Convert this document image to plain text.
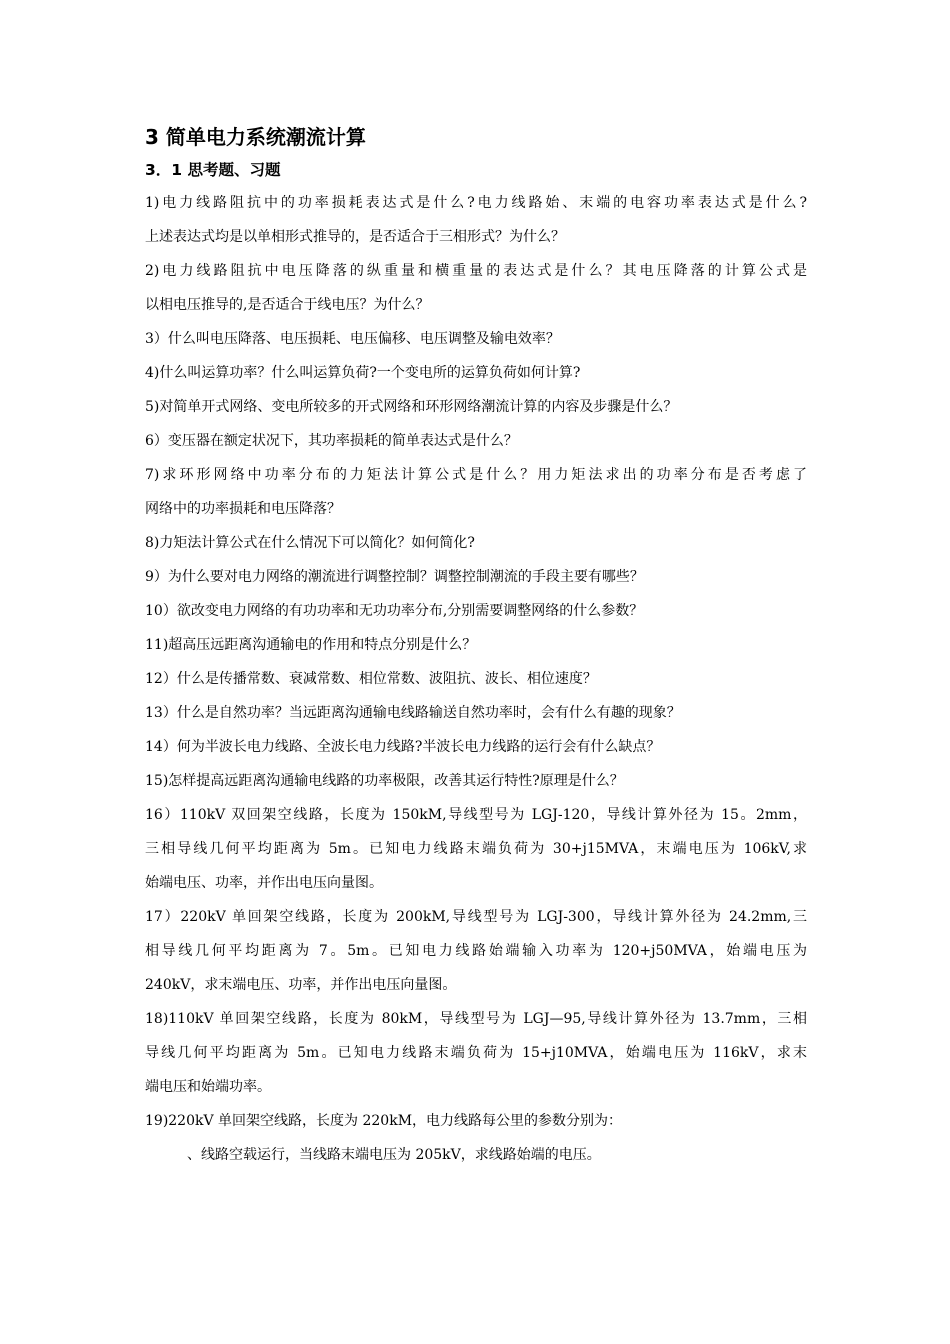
3 简单电力系统潮流计算
3．1 思考题、习题
1)电力线路阻抗中的功率损耗表达式是什么?电力线路始、末端的电容功率表达式是什么?
上述表达式均是以单相形式推导的，是否适合于三相形式？为什么？
2)电力线路阻抗中电压降落的纵重量和横重量的表达式是什么？其电压降落的计算公式是
以相电压推导的,是否适合于线电压？为什么？
3）什么叫电压降落、电压损耗、电压偏移、电压调整及输电效率？
4)什么叫运算功率？什么叫运算负荷?一个变电所的运算负荷如何计算?
5)对简单开式网络、变电所较多的开式网络和环形网络潮流计算的内容及步骤是什么？
6）变压器在额定状况下，其功率损耗的简单表达式是什么？
7)求环形网络中功率分布的力矩法计算公式是什么？用力矩法求出的功率分布是否考虑了
网络中的功率损耗和电压降落？
8)力矩法计算公式在什么情况下可以简化？如何简化?
9）为什么要对电力网络的潮流进行调整控制？调整控制潮流的手段主要有哪些？
10）欲改变电力网络的有功功率和无功功率分布,分别需要调整网络的什么参数？
11)超高压远距离沟通输电的作用和特点分别是什么？
12）什么是传播常数、衰减常数、相位常数、波阻抗、波长、相位速度？
13）什么是自然功率？当远距离沟通输电线路输送自然功率时，会有什么有趣的现象？
14）何为半波长电力线路、全波长电力线路?半波长电力线路的运行会有什么缺点？
15)怎样提高远距离沟通输电线路的功率极限，改善其运行特性?原理是什么？
16）110kV 双回架空线路，长度为 150kM,导线型号为 LGJ-120，导线计算外径为 15。2mm，
三相导线几何平均距离为 5m。已知电力线路末端负荷为 30+j15MVA，末端电压为 106kV,求
始端电压、功率，并作出电压向量图。
17）220kV 单回架空线路，长度为 200kM,导线型号为 LGJ-300，导线计算外径为 24.2mm,三
相导线几何平均距离为 7。5m。已知电力线路始端输入功率为 120+j50MVA，始端电压为
240kV，求末端电压、功率，并作出电压向量图。
18)110kV 单回架空线路，长度为 80kM，导线型号为 LGJ—95,导线计算外径为 13.7mm，三相
导线几何平均距离为 5m。已知电力线路末端负荷为 15+j10MVA，始端电压为 116kV，求末
端电压和始端功率。
19)220kV 单回架空线路，长度为 220kM，电力线路每公里的参数分别为：
、线路空载运行，当线路末端电压为 205kV，求线路始端的电压。
